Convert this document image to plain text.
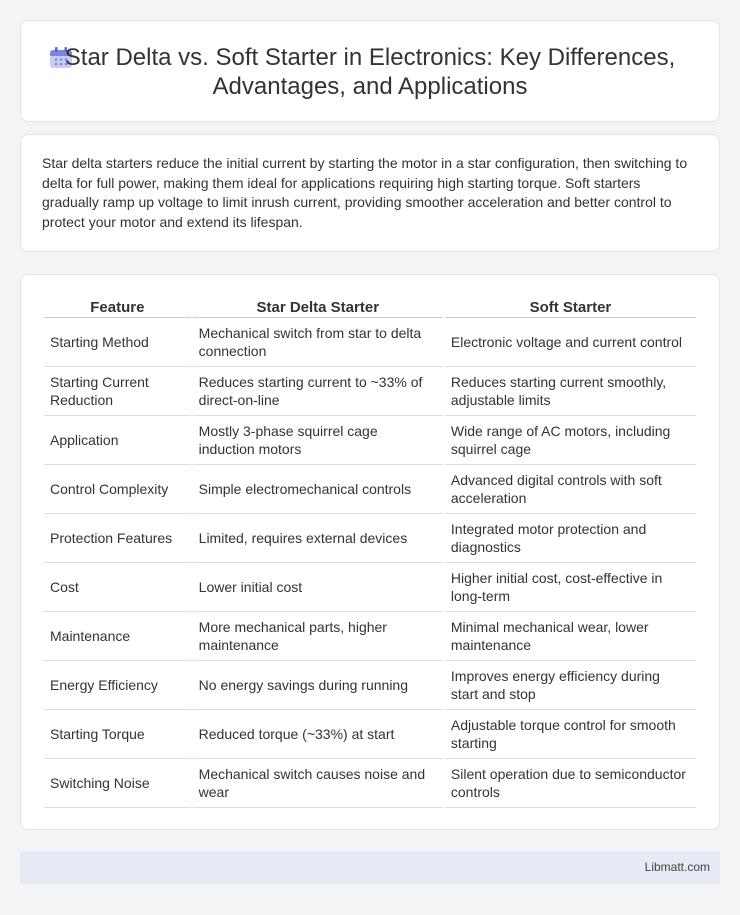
Star Delta vs. Soft Starter in Electronics: Key Differences, Advantages, and Applications

Star delta starters reduce the initial current by starting the motor in a star configuration, then switching to delta for full power, making them ideal for applications requiring high starting torque. Soft starters gradually ramp up voltage to limit inrush current, providing smoother acceleration and better control to protect your motor and extend its lifespan.

Feature	Star Delta Starter	Soft Starter
Starting Method	Mechanical switch from star to delta connection	Electronic voltage and current control
Starting Current Reduction	Reduces starting current to ~33% of direct-on-line	Reduces starting current smoothly, adjustable limits
Application	Mostly 3-phase squirrel cage induction motors	Wide range of AC motors, including squirrel cage
Control Complexity	Simple electromechanical controls	Advanced digital controls with soft acceleration
Protection Features	Limited, requires external devices	Integrated motor protection and diagnostics
Cost	Lower initial cost	Higher initial cost, cost-effective in long-term
Maintenance	More mechanical parts, higher maintenance	Minimal mechanical wear, lower maintenance
Energy Efficiency	No energy savings during running	Improves energy efficiency during start and stop
Starting Torque	Reduced torque (~33%) at start	Adjustable torque control for smooth starting
Switching Noise	Mechanical switch causes noise and wear	Silent operation due to semiconductor controls
Libmatt.com
